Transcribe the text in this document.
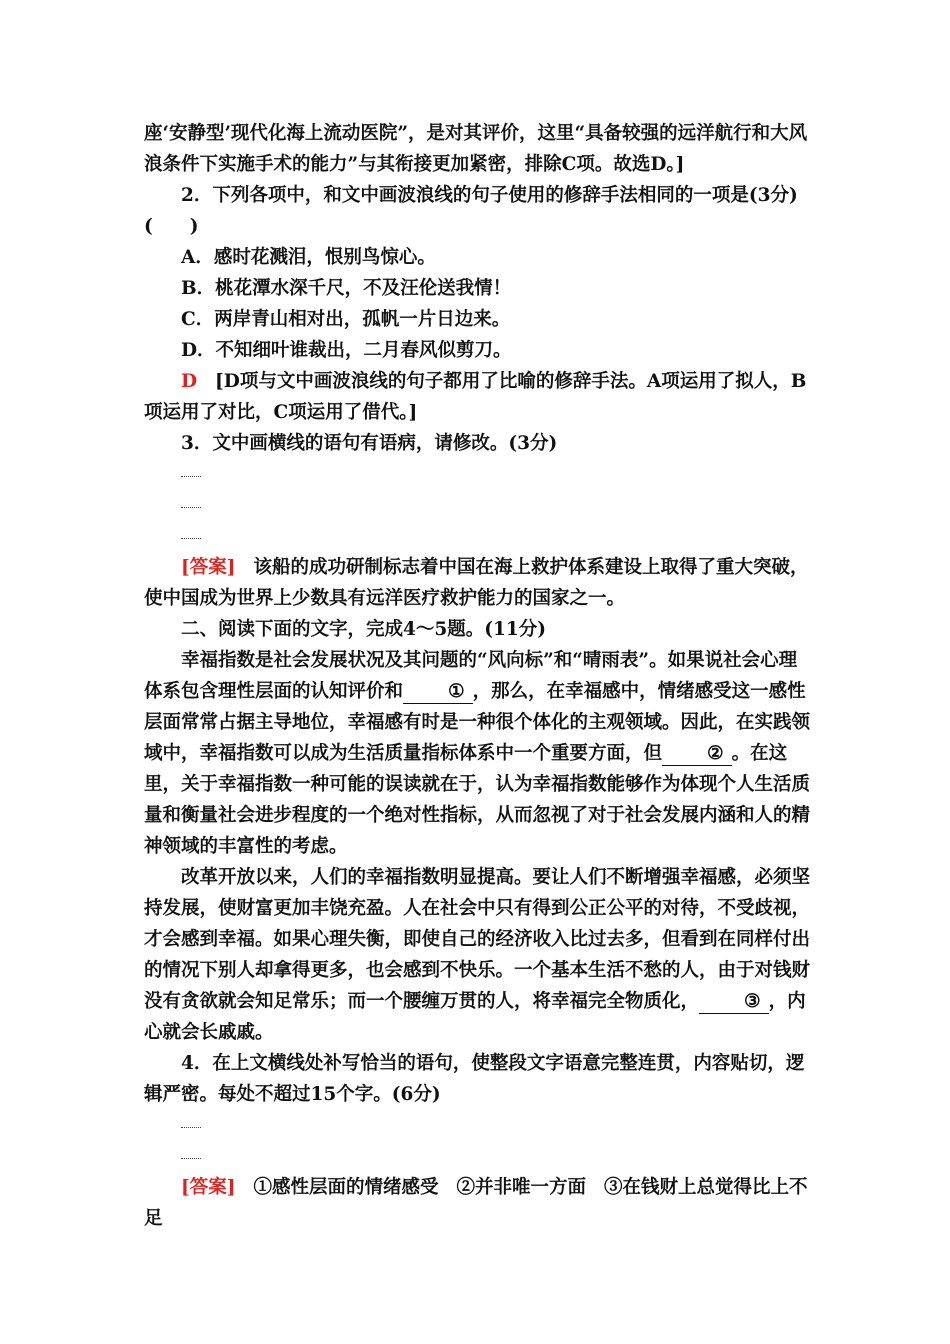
座‘安静型’现代化海上流动医院”，是对其评价，这里“具备较强的远洋航行和大风浪条件下实施手术的能力”与其衔接更加紧密，排除C项。故选D。]

2．下列各项中，和文中画波浪线的句子使用的修辞手法相同的一项是(3分)(　　)

A．感时花溅泪，恨别鸟惊心。

B．桃花潭水深千尺，不及汪伦送我情！

C．两岸青山相对出，孤帆一片日边来。

D．不知细叶谁裁出，二月春风似剪刀。

D [D项与文中画波浪线的句子都用了比喻的修辞手法。A项运用了拟人，B项运用了对比，C项运用了借代。]

3．文中画横线的语句有语病，请修改。(3分)

[答案] 该船的成功研制标志着中国在海上救护体系建设上取得了重大突破，使中国成为世界上少数具有远洋医疗救护能力的国家之一。

二、阅读下面的文字，完成4～5题。(11分)

幸福指数是社会发展状况及其问题的“风向标”和“晴雨表”。如果说社会心理体系包含理性层面的认知评价和 ① ，那么，在幸福感中，情绪感受这一感性层面常常占据主导地位，幸福感有时是一种很个体化的主观领域。因此，在实践领域中，幸福指数可以成为生活质量指标体系中一个重要方面，但 ② 。在这里，关于幸福指数一种可能的误读就在于，认为幸福指数能够作为体现个人生活质量和衡量社会进步程度的一个绝对性指标，从而忽视了对于社会发展内涵和人的精神领域的丰富性的考虑。

改革开放以来，人们的幸福指数明显提高。要让人们不断增强幸福感，必须坚持发展，使财富更加丰饶充盈。人在社会中只有得到公正公平的对待，不受歧视，才会感到幸福。如果心理失衡，即使自己的经济收入比过去多，但看到在同样付出的情况下别人却拿得更多，也会感到不快乐。一个基本生活不愁的人，由于对钱财没有贪欲就会知足常乐；而一个腰缠万贯的人，将幸福完全物质化， ③ ，内心就会长戚戚。

4．在上文横线处补写恰当的语句，使整段文字语意完整连贯，内容贴切，逻辑严密。每处不超过15个字。(6分)

[答案] ①感性层面的情绪感受 ②并非唯一方面 ③在钱财上总觉得比上不足
